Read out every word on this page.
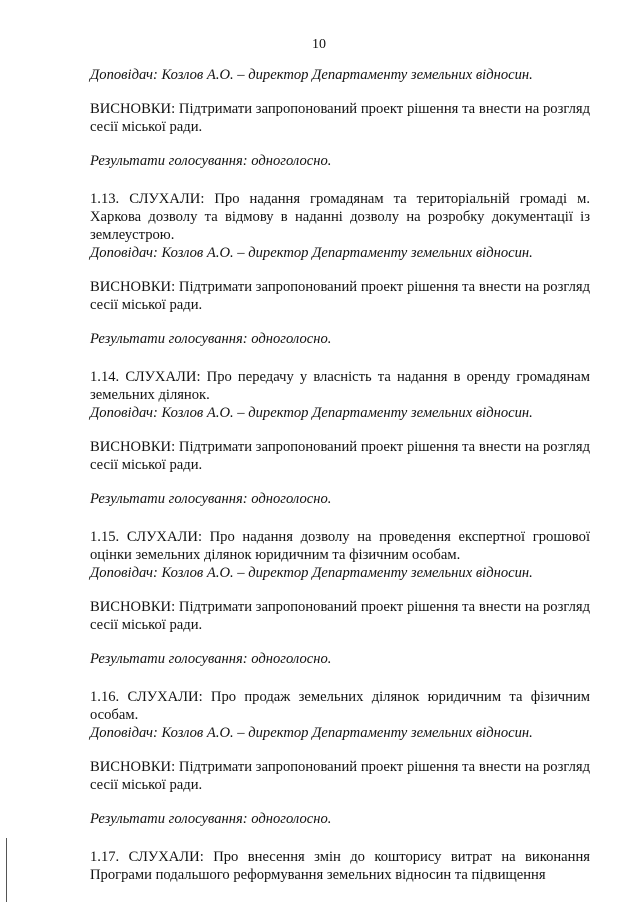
10

Доповідач: Козлов А.О. – директор Департаменту земельних відносин.

ВИСНОВКИ: Підтримати запропонований проект рішення та внести на розгляд сесії міської ради.

Результати голосування: одноголосно.

1.13. СЛУХАЛИ: Про надання громадянам та територіальній громаді м. Харкова дозволу та відмову в наданні дозволу на розробку документації із землеустрою.

Доповідач: Козлов А.О. – директор Департаменту земельних відносин.

ВИСНОВКИ: Підтримати запропонований проект рішення та внести на розгляд сесії міської ради.

Результати голосування: одноголосно.

1.14. СЛУХАЛИ: Про передачу у власність та надання в оренду громадянам земельних ділянок.

Доповідач: Козлов А.О. – директор Департаменту земельних відносин.

ВИСНОВКИ: Підтримати запропонований проект рішення та внести на розгляд сесії міської ради.

Результати голосування: одноголосно.

1.15. СЛУХАЛИ: Про надання дозволу на проведення експертної грошової оцінки земельних ділянок юридичним та фізичним особам.

Доповідач: Козлов А.О. – директор Департаменту земельних відносин.

ВИСНОВКИ: Підтримати запропонований проект рішення та внести на розгляд сесії міської ради.

Результати голосування: одноголосно.

1.16. СЛУХАЛИ: Про продаж земельних ділянок юридичним та фізичним особам.

Доповідач: Козлов А.О. – директор Департаменту земельних відносин.

ВИСНОВКИ: Підтримати запропонований проект рішення та внести на розгляд сесії міської ради.

Результати голосування: одноголосно.

1.17. СЛУХАЛИ: Про внесення змін до кошторису витрат на виконання Програми подальшого реформування земельних відносин та підвищення
